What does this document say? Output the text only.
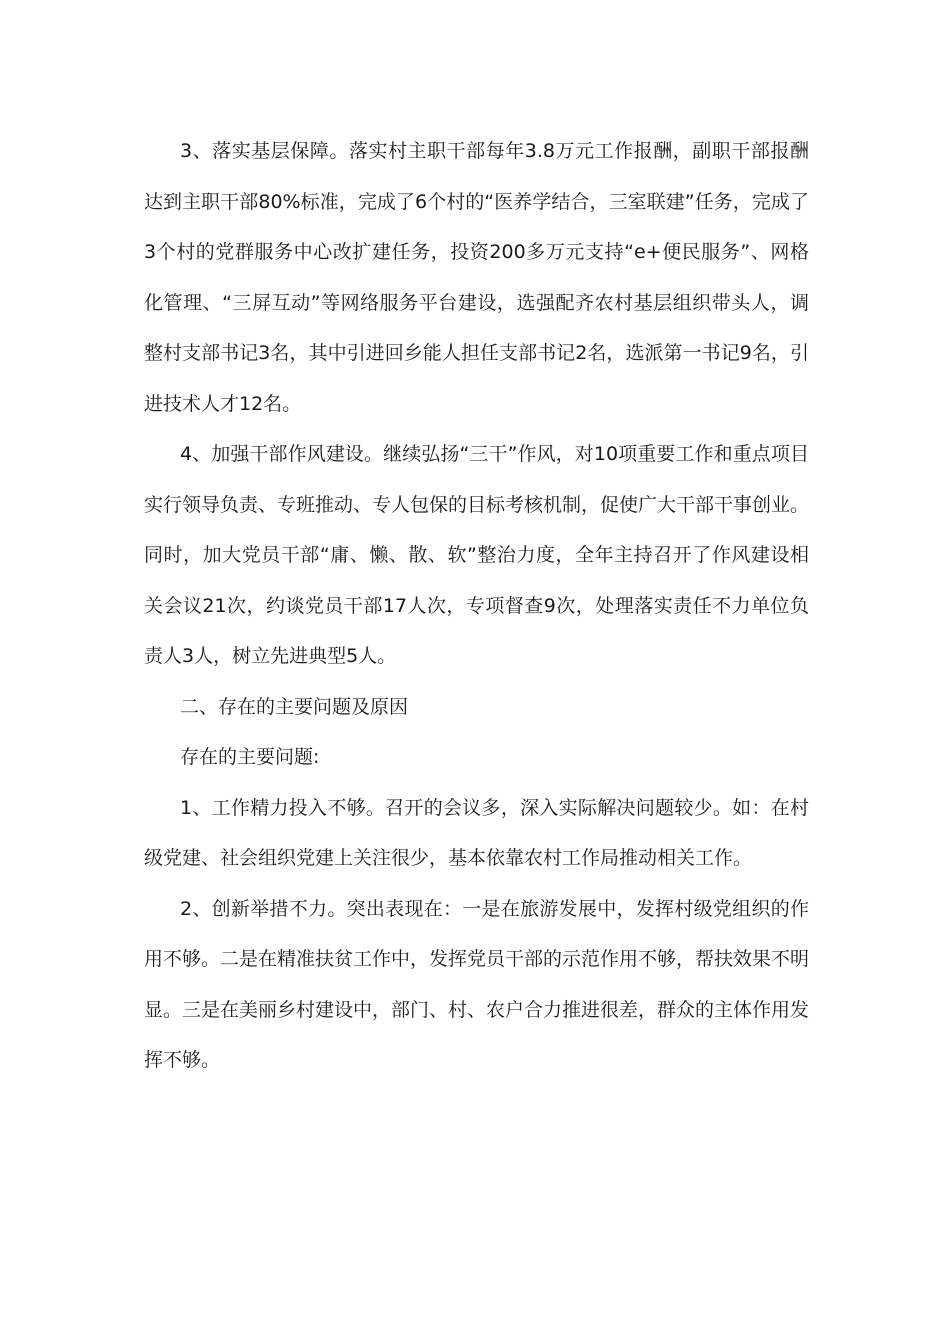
3、落实基层保障。落实村主职干部每年3.8万元工作报酬，副职干部报酬达到主职干部80%标准，完成了6个村的“医养学结合，三室联建”任务，完成了3个村的党群服务中心改扩建任务，投资200多万元支持“e+便民服务”、网格化管理、“三屏互动”等网络服务平台建设，选强配齐农村基层组织带头人，调整村支部书记3名，其中引进回乡能人担任支部书记2名，选派第一书记9名，引进技术人才12名。

4、加强干部作风建设。继续弘扬“三干”作风，对10项重要工作和重点项目实行领导负责、专班推动、专人包保的目标考核机制，促使广大干部干事创业。同时，加大党员干部“庸、懒、散、软”整治力度，全年主持召开了作风建设相关会议21次，约谈党员干部17人次，专项督查9次，处理落实责任不力单位负责人3人，树立先进典型5人。

二、存在的主要问题及原因

存在的主要问题:

1、工作精力投入不够。召开的会议多，深入实际解决问题较少。如：在村级党建、社会组织党建上关注很少，基本依靠农村工作局推动相关工作。

2、创新举措不力。突出表现在：一是在旅游发展中，发挥村级党组织的作用不够。二是在精准扶贫工作中，发挥党员干部的示范作用不够，帮扶效果不明显。三是在美丽乡村建设中，部门、村、农户合力推进很差，群众的主体作用发挥不够。
